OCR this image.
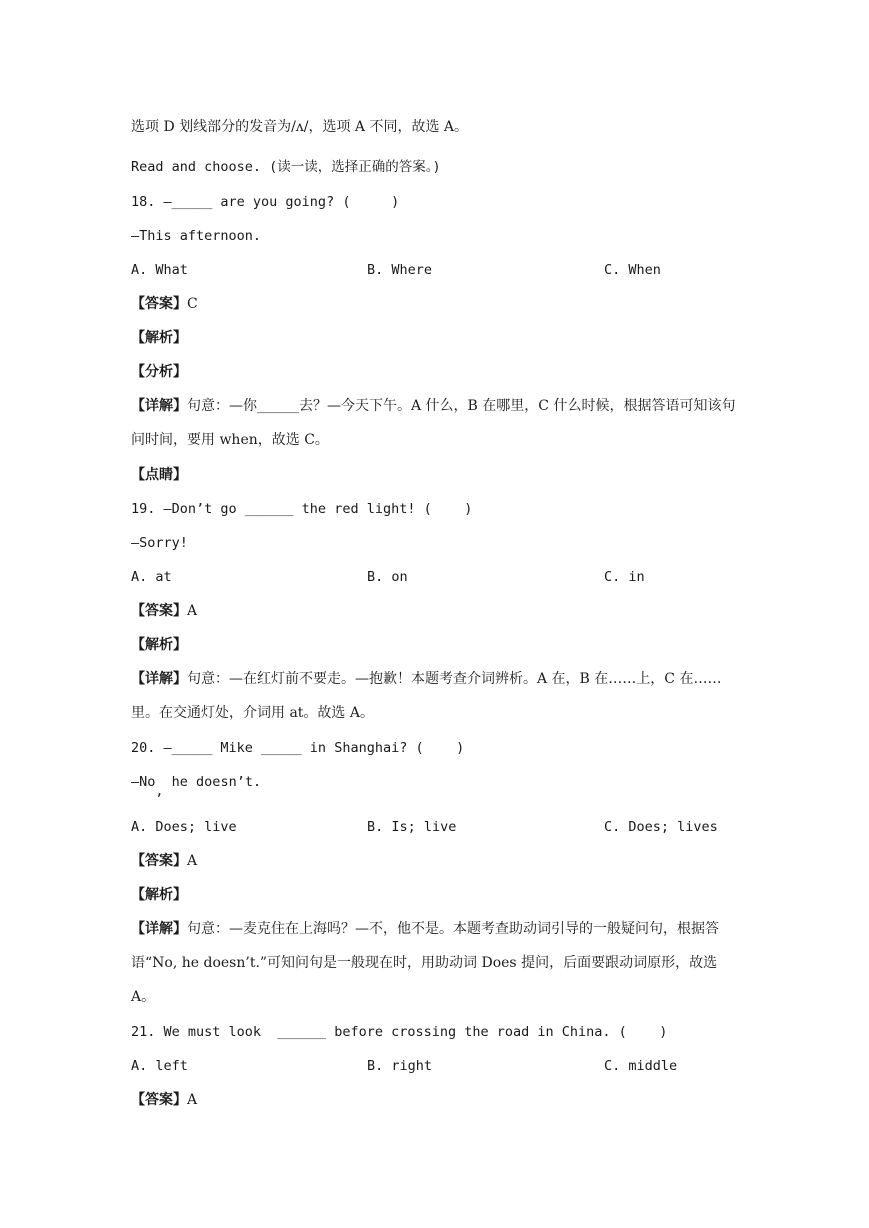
选项 D 划线部分的发音为/ʌ/，选项 A 不同，故选 A。
Read and choose. (读一读，选择正确的答案。)
18. —_____ are you going? (     )
—This afternoon.
A. What	B. Where	C. When
【答案】C
【解析】
【分析】
【详解】句意：—你______去？—今天下午。A 什么，B 在哪里，C 什么时候，根据答语可知该句问时间，要用 when，故选 C。
【点睛】
19. —Don’t go ______ the red light! (    )
—Sorry!
A. at	B. on	C. in
【答案】A
【解析】
【详解】句意：—在红灯前不要走。—抱歉！本题考查介词辨析。A 在，B 在……上，C 在……里。在交通灯处，介词用 at。故选 A。
20. —_____ Mike _____ in Shanghai? (    )
—No, he doesn’t.
A. Does; live	B. Is; live	C. Does; lives
【答案】A
【解析】
【详解】句意：—麦克住在上海吗？—不，他不是。本题考查助动词引导的一般疑问句，根据答语“No, he doesn’t.”可知问句是一般现在时，用助动词 Does 提问，后面要跟动词原形，故选 A。
21. We must look  ______ before crossing the road in China. (    )
A. left	B. right	C. middle
【答案】A
